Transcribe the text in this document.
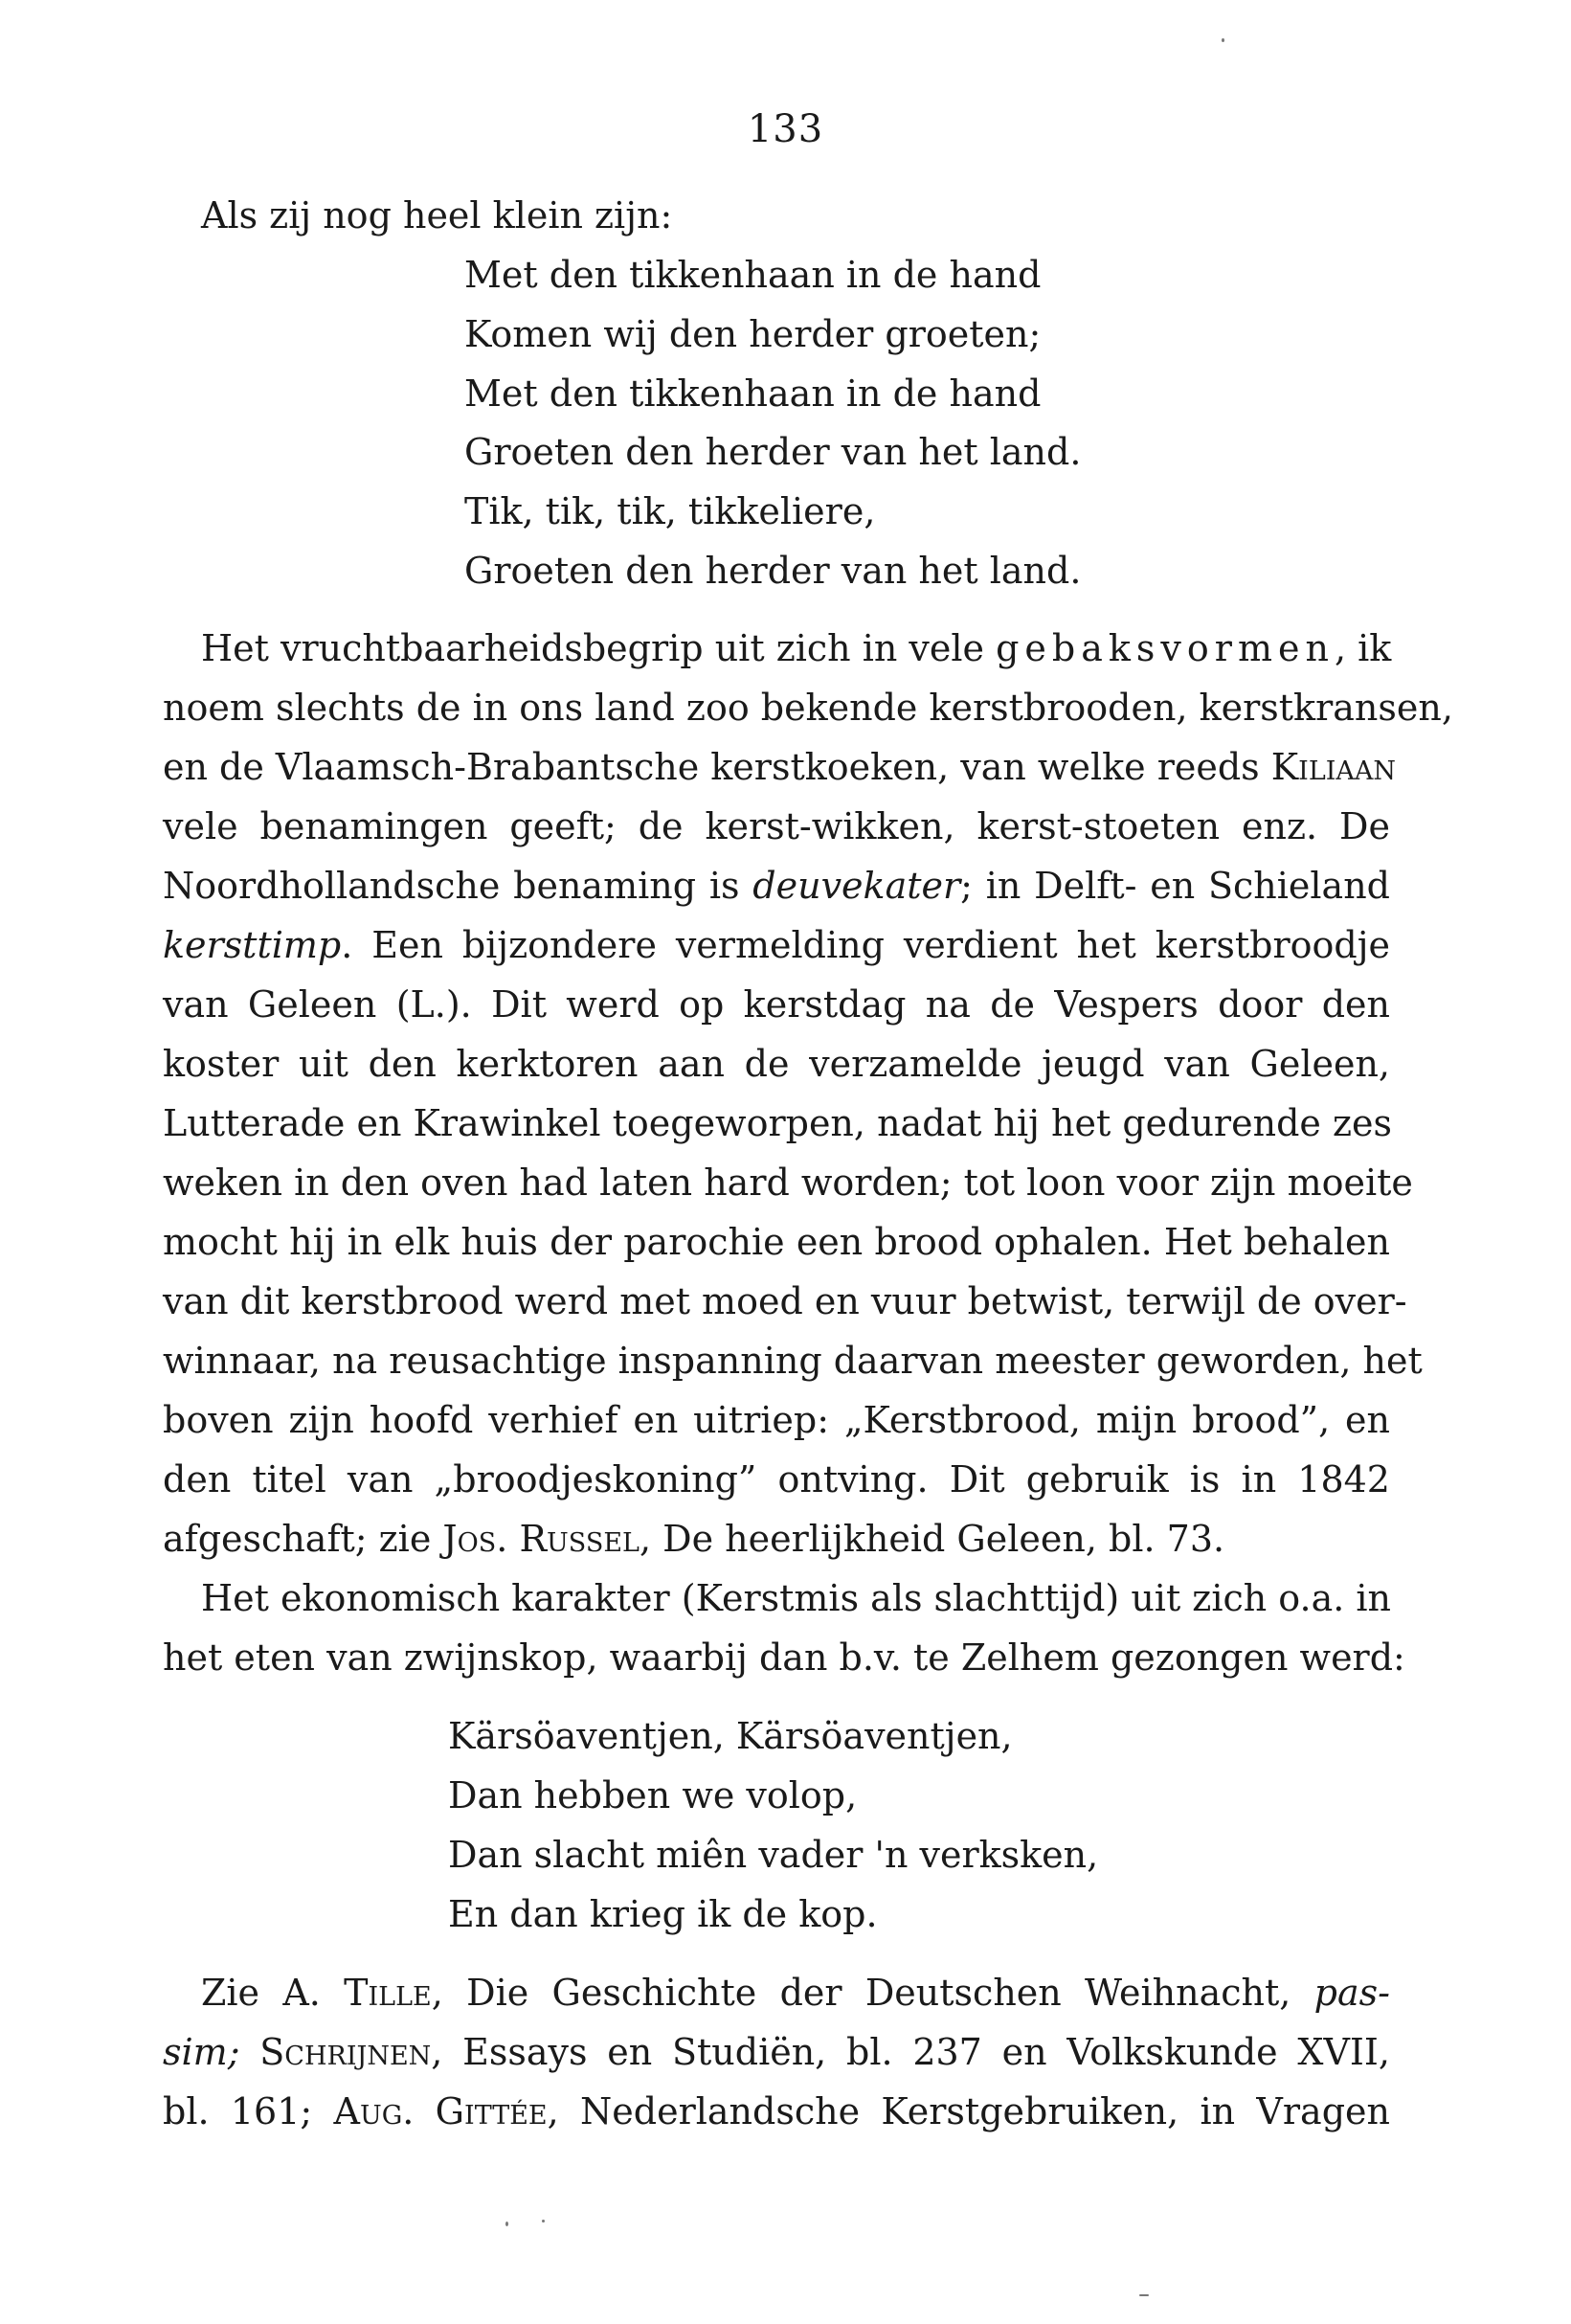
133
Als zij nog heel klein zijn:
Met den tikkenhaan in de hand
Komen wij den herder groeten;
Met den tikkenhaan in de hand
Groeten den herder van het land.
Tik, tik, tik, tikkeliere,
Groeten den herder van het land.
Het vruchtbaarheidsbegrip uit zich in vele gebaksvormen, ik
noem slechts de in ons land zoo bekende kerstbrooden, kerstkransen,
en de Vlaamsch-Brabantsche kerstkoeken, van welke reeds Kiliaan
vele benamingen geeft; de kerst-wikken, kerst-stoeten enz. De
Noordhollandsche benaming is deuvekater; in Delft- en Schieland
kersttimp. Een bijzondere vermelding verdient het kerstbroodje
van Geleen (L.). Dit werd op kerstdag na de Vespers door den
koster uit den kerktoren aan de verzamelde jeugd van Geleen,
Lutterade en Krawinkel toegeworpen, nadat hij het gedurende zes
weken in den oven had laten hard worden; tot loon voor zijn moeite
mocht hij in elk huis der parochie een brood ophalen. Het behalen
van dit kerstbrood werd met moed en vuur betwist, terwijl de over-
winnaar, na reusachtige inspanning daarvan meester geworden, het
boven zijn hoofd verhief en uitriep: „Kerstbrood, mijn brood”, en
den titel van „broodjeskoning” ontving. Dit gebruik is in 1842
afgeschaft; zie Jos. Russel, De heerlijkheid Geleen, bl. 73.
Het ekonomisch karakter (Kerstmis als slachttijd) uit zich o.a. in
het eten van zwijnskop, waarbij dan b.v. te Zelhem gezongen werd:
Kärsöaventjen, Kärsöaventjen,
Dan hebben we volop,
Dan slacht miên vader 'n verksken,
En dan krieg ik de kop.
Zie A. Tille, Die Geschichte der Deutschen Weihnacht, pas-
sim; Schrijnen, Essays en Studiën, bl. 237 en Volkskunde XVII,
bl. 161; Aug. Gittée, Nederlandsche Kerstgebruiken, in Vragen
